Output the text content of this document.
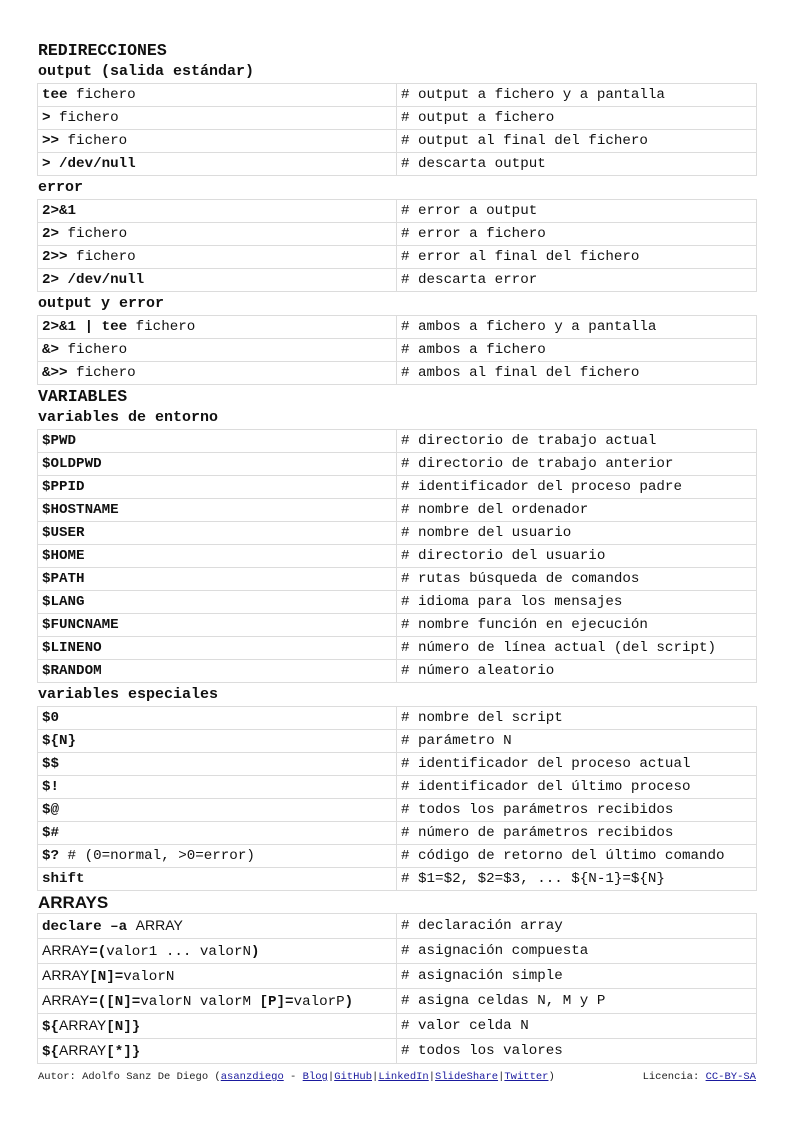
REDIRECCIONES
output (salida estándar)
tee fichero	# output a fichero y a pantalla
> fichero	# output a fichero
>> fichero	# output al final del fichero
> /dev/null	# descarta output
error
2>&1	# error a output
2> fichero	# error a fichero
2>> fichero	# error al final del fichero
2> /dev/null	# descarta error
output y error
2>&1 | tee fichero	# ambos a fichero y a pantalla
&> fichero	# ambos a fichero
&>> fichero	# ambos al final del fichero
VARIABLES
variables de entorno
$PWD	# directorio de trabajo actual
$OLDPWD	# directorio de trabajo anterior
$PPID	# identificador del proceso padre
$HOSTNAME	# nombre del ordenador
$USER	# nombre del usuario
$HOME	# directorio del usuario
$PATH	# rutas búsqueda de comandos
$LANG	# idioma para los mensajes
$FUNCNAME	# nombre función en ejecución
$LINENO	# número de línea actual (del script)
$RANDOM	# número aleatorio
variables especiales
$0	# nombre del script
${N}	# parámetro N
$$	# identificador del proceso actual
$!	# identificador del último proceso
$@	# todos los parámetros recibidos
$#	# número de parámetros recibidos
$? # (0=normal, >0=error)	# código de retorno del último comando
shift	# $1=$2, $2=$3, ... ${N-1}=${N}
ARRAYS
declare –a ARRAY	# declaración array
ARRAY=(valor1 ... valorN)	# asignación compuesta
ARRAY[N]=valorN	# asignación simple
ARRAY=([N]=valorN valorM [P]=valorP)	# asigna celdas N, M y P
${ARRAY[N]}	# valor celda N
${ARRAY[*]}	# todos los valores
Autor: Adolfo Sanz De Diego (asanzdiego - Blog|GitHub|LinkedIn|SlideShare|Twitter)	Licencia: CC-BY-SA
